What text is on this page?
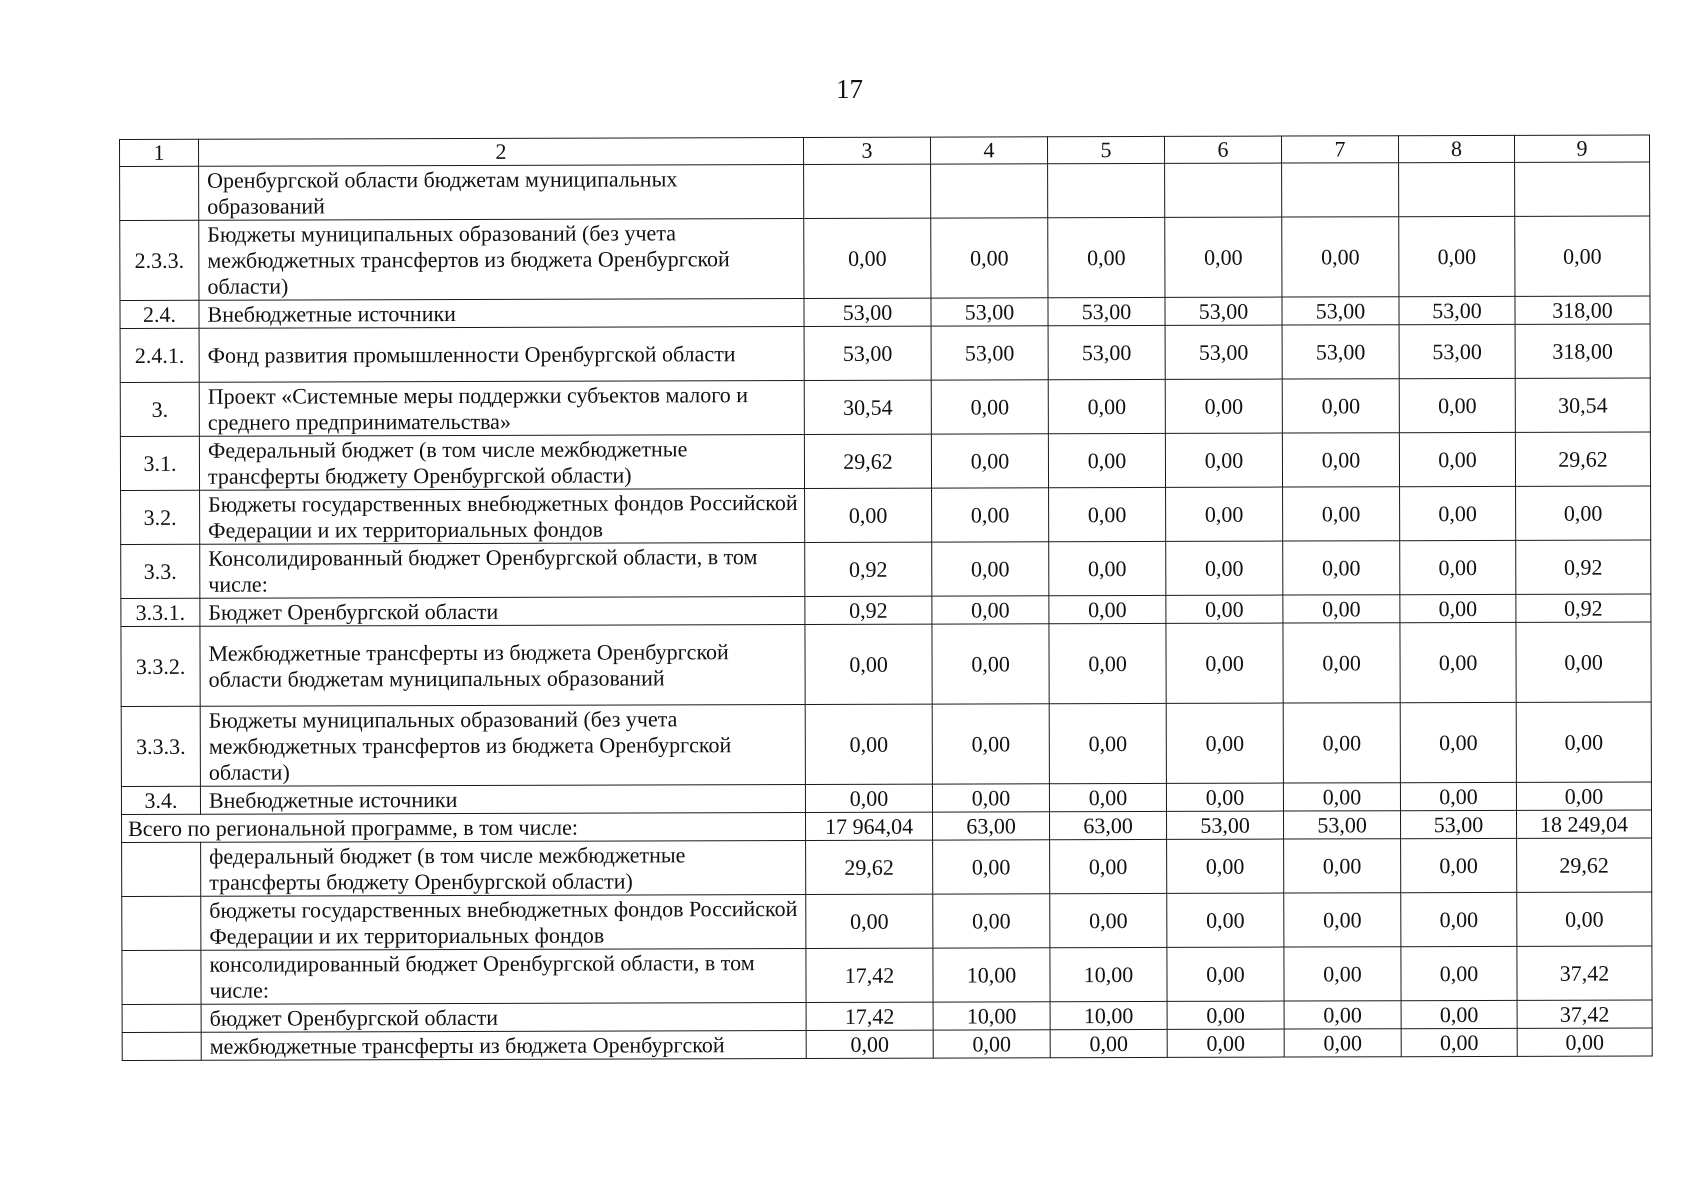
17
1	2	3	4	5	6	7	8	9
	Оренбургской области бюджетам муниципальных образований							
2.3.3.	Бюджеты муниципальных образований (без учета межбюджетных трансфертов из бюджета Оренбургской области)	0,00	0,00	0,00	0,00	0,00	0,00	0,00
2.4.	Внебюджетные источники	53,00	53,00	53,00	53,00	53,00	53,00	318,00
2.4.1.	Фонд развития промышленности Оренбургской области	53,00	53,00	53,00	53,00	53,00	53,00	318,00
3.	Проект «Системные меры поддержки субъектов малого и среднего предпринимательства»	30,54	0,00	0,00	0,00	0,00	0,00	30,54
3.1.	Федеральный бюджет (в том числе межбюджетные трансферты бюджету Оренбургской области)	29,62	0,00	0,00	0,00	0,00	0,00	29,62
3.2.	Бюджеты государственных внебюджетных фондов Российской Федерации и их территориальных фондов	0,00	0,00	0,00	0,00	0,00	0,00	0,00
3.3.	Консолидированный бюджет Оренбургской области, в том числе:	0,92	0,00	0,00	0,00	0,00	0,00	0,92
3.3.1.	Бюджет Оренбургской области	0,92	0,00	0,00	0,00	0,00	0,00	0,92
3.3.2.	Межбюджетные трансферты из бюджета Оренбургской области бюджетам муниципальных образований	0,00	0,00	0,00	0,00	0,00	0,00	0,00
3.3.3.	Бюджеты муниципальных образований (без учета межбюджетных трансфертов из бюджета Оренбургской области)	0,00	0,00	0,00	0,00	0,00	0,00	0,00
3.4.	Внебюджетные источники	0,00	0,00	0,00	0,00	0,00	0,00	0,00
Всего по региональной программе, в том числе:		17 964,04	63,00	63,00	53,00	53,00	53,00	18 249,04
	федеральный бюджет (в том числе межбюджетные трансферты бюджету Оренбургской области)	29,62	0,00	0,00	0,00	0,00	0,00	29,62
	бюджеты государственных внебюджетных фондов Российской Федерации и их территориальных фондов	0,00	0,00	0,00	0,00	0,00	0,00	0,00
	консолидированный бюджет Оренбургской области, в том числе:	17,42	10,00	10,00	0,00	0,00	0,00	37,42
	бюджет Оренбургской области	17,42	10,00	10,00	0,00	0,00	0,00	37,42
	межбюджетные трансферты из бюджета Оренбургской	0,00	0,00	0,00	0,00	0,00	0,00	0,00
